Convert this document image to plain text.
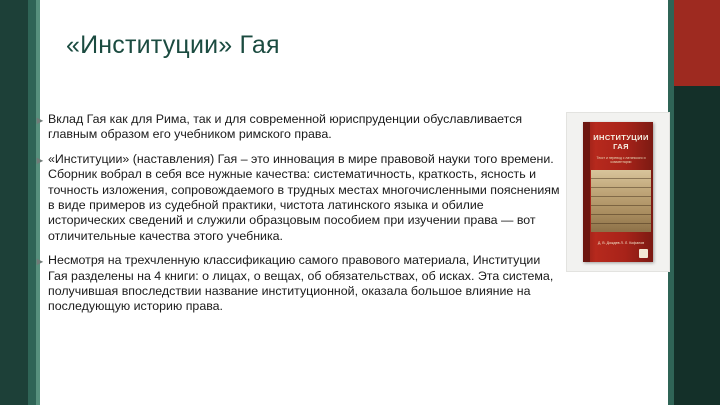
«Институции» Гая
► Вклад Гая как для Рима, так и для современной юриспруденции обуславливается главным образом его учебником римского права.
► «Институции» (наставления) Гая – это инновация в мире правовой науки того времени. Сборник вобрал в себя все нужные качества: систематичность, краткость, ясность и точность изложения, сопровождаемого в трудных местах многочисленными пояснениям в виде примеров из судебной практики, чистота латинского языка и обилие исторических сведений и служили образцовым пособием при изучении права — вот отличительные качества этого учебника.
► Несмотря на трехчленную классификацию самого правового материала, Институции Гая разделены на 4 книги: о лицах, о вещах, об обязательствах, об исках. Эта система, получившая впоследствии название институционной, оказала большое влияние на последующую историю права.
ИНСТИТУЦИИ ГАЯ
Текст и перевод с латинского и комментарии
Д. В. Дождев Л. Л. Кофанов
